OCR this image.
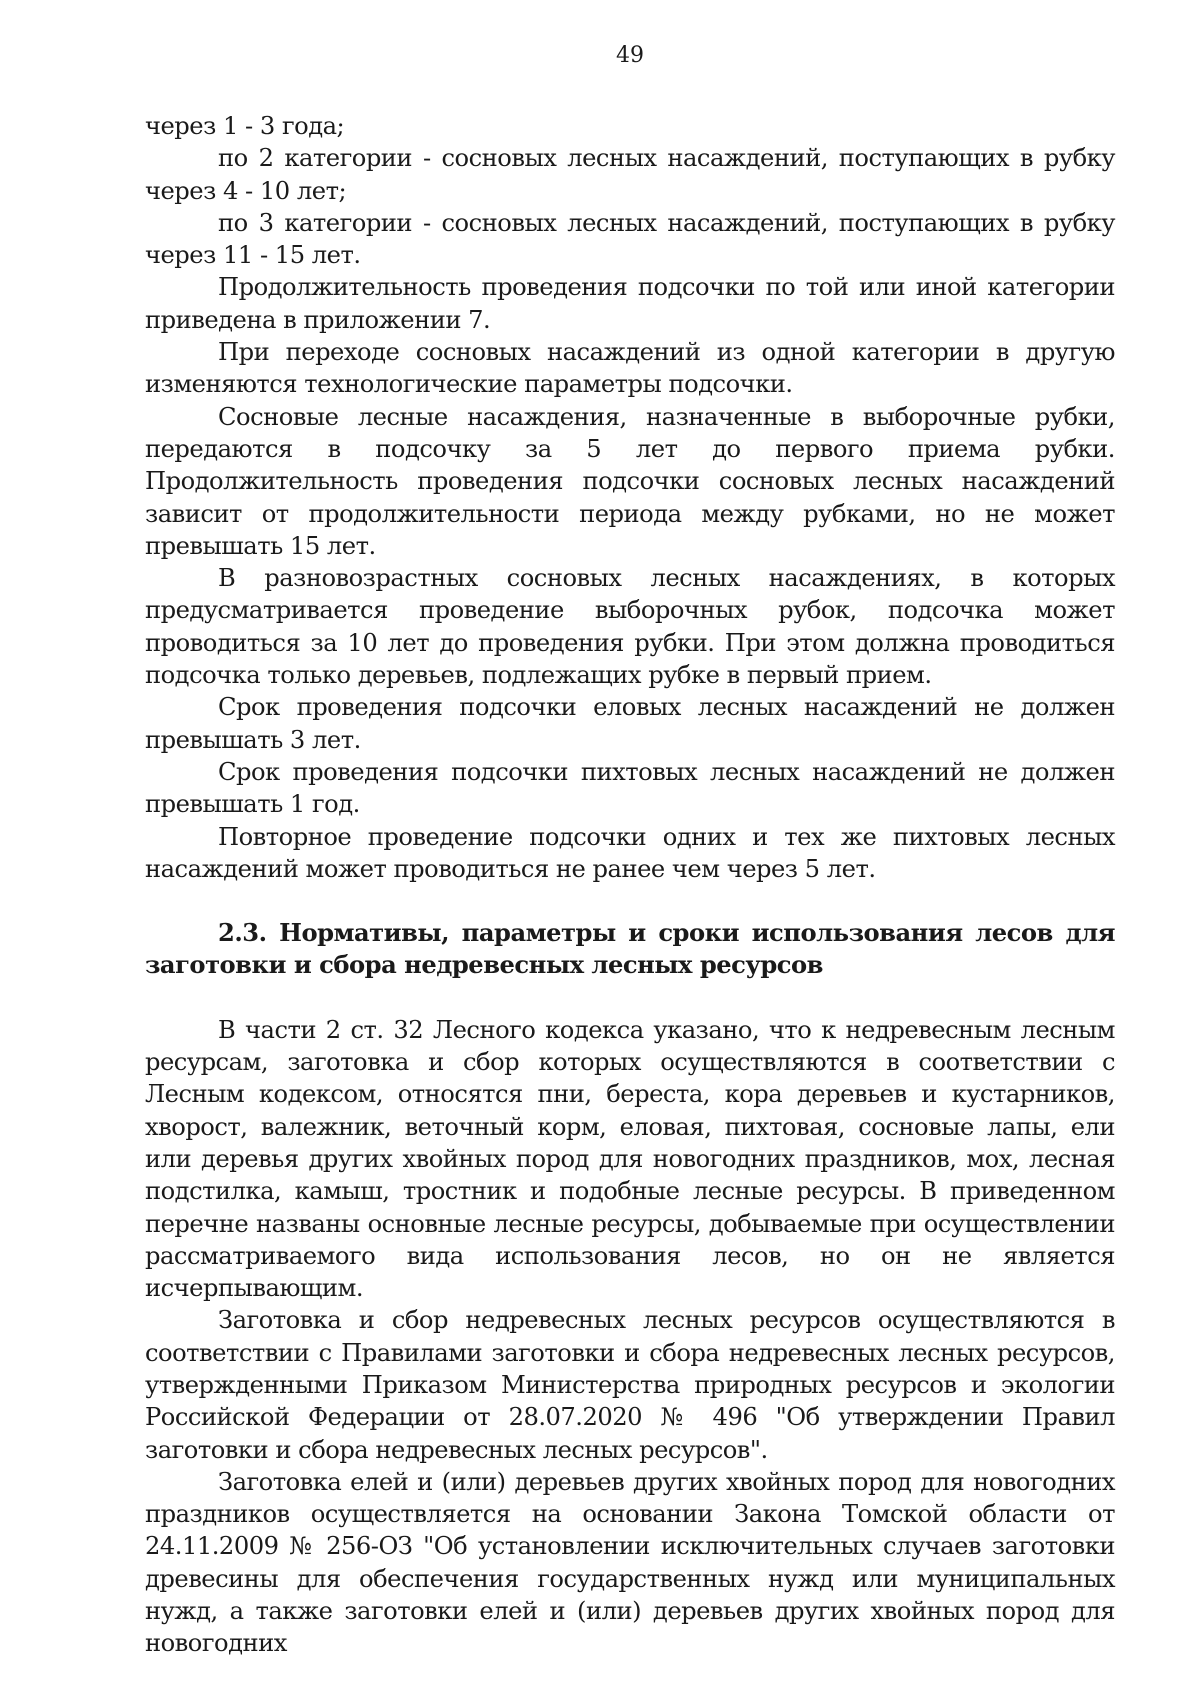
49

через 1 - 3 года;

по 2 категории - сосновых лесных насаждений, поступающих в рубку через 4 - 10 лет;

по 3 категории - сосновых лесных насаждений, поступающих в рубку через 11 - 15 лет.

Продолжительность проведения подсочки по той или иной категории приведена в приложении 7.

При переходе сосновых насаждений из одной категории в другую изменяются технологические параметры подсочки.

Сосновые лесные насаждения, назначенные в выборочные рубки, передаются в подсочку за 5 лет до первого приема рубки. Продолжительность проведения подсочки сосновых лесных насаждений зависит от продолжительности периода между рубками, но не может превышать 15 лет.

В разновозрастных сосновых лесных насаждениях, в которых предусматривается проведение выборочных рубок, подсочка может проводиться за 10 лет до проведения рубки. При этом должна проводиться подсочка только деревьев, подлежащих рубке в первый прием.

Срок проведения подсочки еловых лесных насаждений не должен превышать 3 лет.

Срок проведения подсочки пихтовых лесных насаждений не должен превышать 1 год.

Повторное проведение подсочки одних и тех же пихтовых лесных насаждений может проводиться не ранее чем через 5 лет.

2.3. Нормативы, параметры и сроки использования лесов для заготовки и сбора недревесных лесных ресурсов

В части 2 ст. 32 Лесного кодекса указано, что к недревесным лесным ресурсам, заготовка и сбор которых осуществляются в соответствии с Лесным кодексом, относятся пни, береста, кора деревьев и кустарников, хворост, валежник, веточный корм, еловая, пихтовая, сосновые лапы, ели или деревья других хвойных пород для новогодних праздников, мох, лесная подстилка, камыш, тростник и подобные лесные ресурсы. В приведенном перечне названы основные лесные ресурсы, добываемые при осуществлении рассматриваемого вида использования лесов, но он не является исчерпывающим.

Заготовка и сбор недревесных лесных ресурсов осуществляются в соответствии с Правилами заготовки и сбора недревесных лесных ресурсов, утвержденными Приказом Министерства природных ресурсов и экологии Российской Федерации от 28.07.2020 № 496 "Об утверждении Правил заготовки и сбора недревесных лесных ресурсов".

Заготовка елей и (или) деревьев других хвойных пород для новогодних праздников осуществляется на основании Закона Томской области от 24.11.2009 № 256-ОЗ "Об установлении исключительных случаев заготовки древесины для обеспечения государственных нужд или муниципальных нужд, а также заготовки елей и (или) деревьев других хвойных пород для новогодних
